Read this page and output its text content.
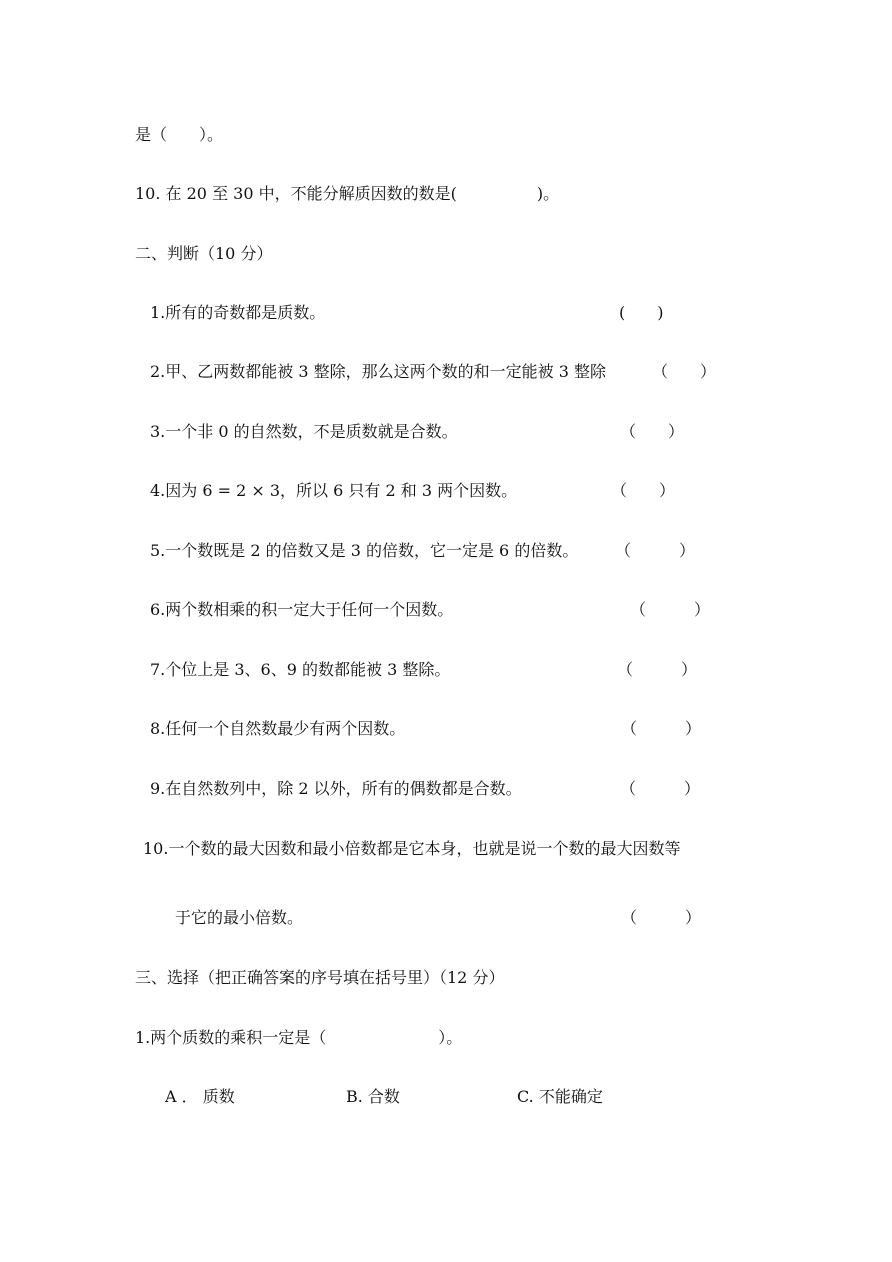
是（　　）。
10. 在 20 至 30 中，不能分解质因数的数是(　　　　　)。
二、判断（10 分）
1.所有的奇数都是质数。	(　　)
2.甲、乙两数都能被 3 整除，那么这两个数的和一定能被 3 整除	（　　）
3.一个非 0 的自然数，不是质数就是合数。	（　　）
4.因为 6 = 2 × 3，所以 6 只有 2 和 3 两个因数。	（　　）
5.一个数既是 2 的倍数又是 3 的倍数，它一定是 6 的倍数。 （　　　）
6.两个数相乘的积一定大于任何一个因数。	（　　　）
7.个位上是 3、6、9 的数都能被 3 整除。	（　　　）
8.任何一个自然数最少有两个因数。	（　　　）
9.在自然数列中，除 2 以外，所有的偶数都是合数。	（　　　）
10.一个数的最大因数和最小倍数都是它本身，也就是说一个数的最大因数等
于它的最小倍数。	（　　　）
三、选择（把正确答案的序号填在括号里）（12 分）
1.两个质数的乘积一定是（　　　　　　　）。
A ． 质数	B. 合数	C. 不能确定
